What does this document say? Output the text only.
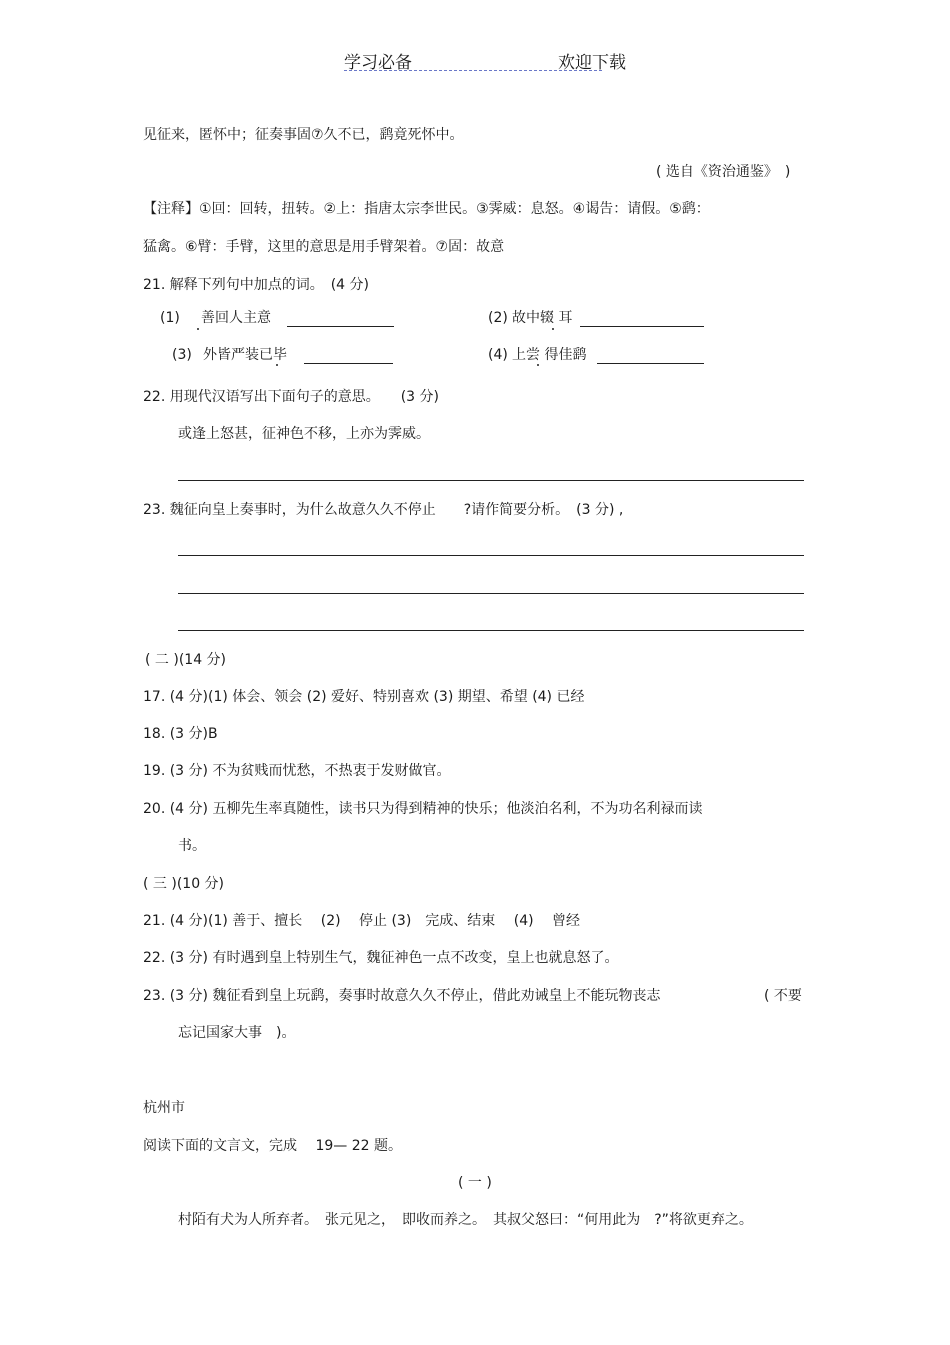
学习必备	欢迎下载
见征来，匿怀中；征奏事固⑦久不已，鹞竟死怀中。
( 选自《资治通鉴》　)
【注释】①回：回转，扭转。②上：指唐太宗李世民。③霁威：息怒。④谒告：请假。⑤鹞：
猛禽。⑥臂：手臂，这里的意思是用手臂架着。⑦固：故意
21. 解释下列句中加点的词。　(4 分)
(1) 善回人主意	(2) 故中辍 耳
(3) 外皆严装已毕	(4) 上尝 得佳鹞
22. 用现代汉语写出下面句子的意思。　　(3 分)
或逢上怒甚，征神色不移，上亦为霁威。
23. 魏征向皇上奏事时，为什么故意久久不停止　　?请作简要分析。　(3 分) ,
( 二 )(14 分)
17. (4 分)(1) 体会、领会 (2) 爱好、特别喜欢 (3) 期望、希望 (4) 已经
18. (3 分)B
19. (3 分) 不为贫贱而忧愁，不热衷于发财做官。
20. (4 分) 五柳先生率真随性，读书只为得到精神的快乐；他淡泊名利，不为功名利禄而读
书。
( 三 )(10 分)
21. (4 分)(1) 善于、擅长　 (2)　 停止 (3)　完成、结束　 (4)　 曾经
22. (3 分) 有时遇到皇上特别生气，魏征神色一点不改变，皇上也就息怒了。
23. (3 分) 魏征看到皇上玩鹞，奏事时故意久久不停止，借此劝诫皇上不能玩物丧志	( 不要
忘记国家大事　)。
杭州市
阅读下面的文言文，完成　 19— 22 题。
( 一 )
村陌有犬为人所弃者。　张元见之，　即收而养之。　其叔父怒曰：“何用此为　?”将欲更弃之。
